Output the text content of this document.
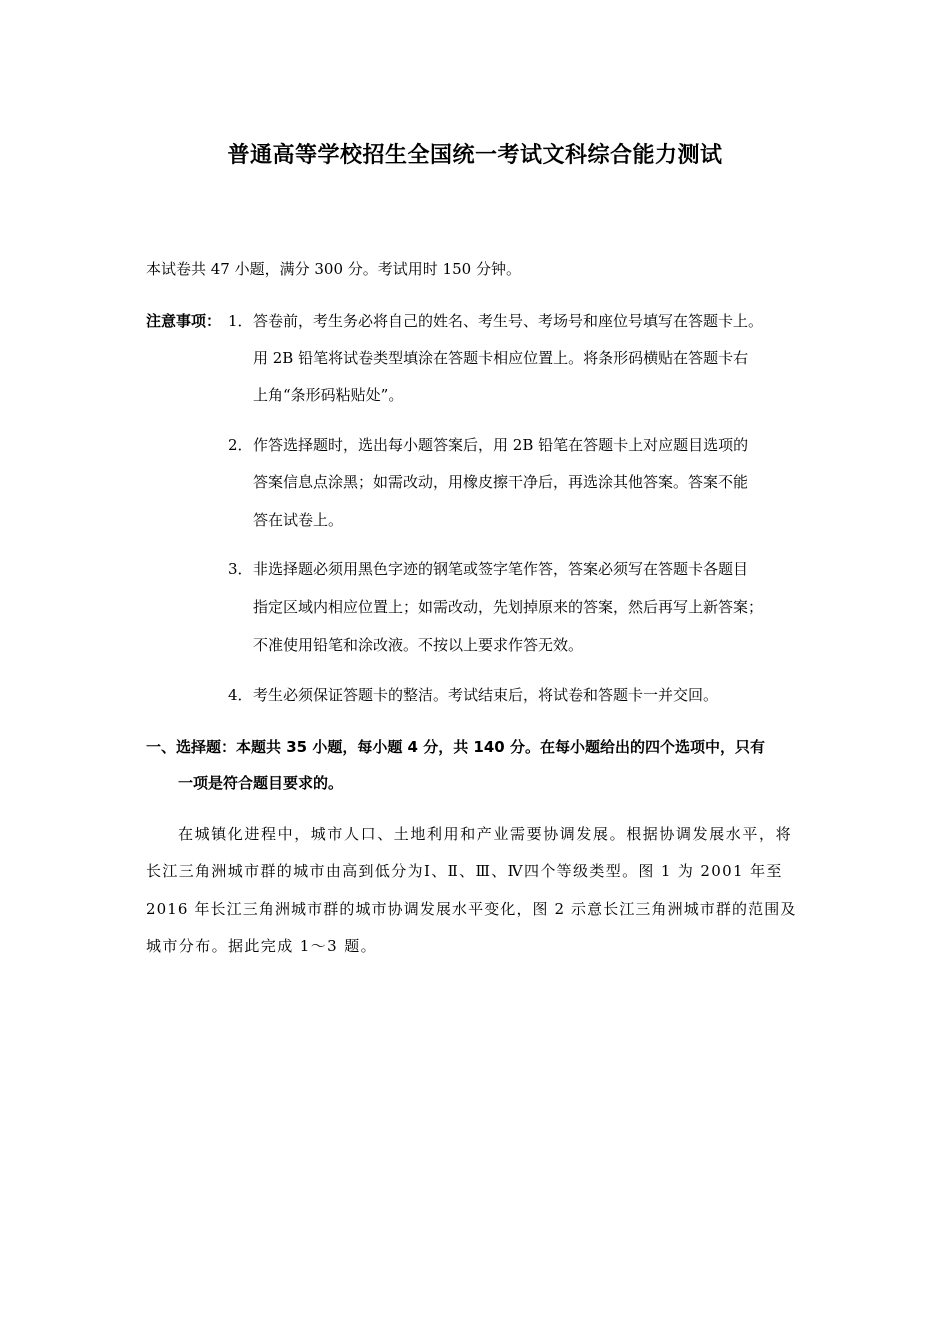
普通高等学校招生全国统一考试文科综合能力测试
本试卷共 47 小题，满分 300 分。考试用时 150 分钟。
注意事项： 1． 答卷前，考生务必将自己的姓名、考生号、考场号和座位号填写在答题卡上。
用 2B 铅笔将试卷类型填涂在答题卡相应位置上。将条形码横贴在答题卡右
上角“条形码粘贴处”。
2． 作答选择题时，选出每小题答案后，用 2B 铅笔在答题卡上对应题目选项的
答案信息点涂黑；如需改动，用橡皮擦干净后，再选涂其他答案。答案不能
答在试卷上。
3． 非选择题必须用黑色字迹的钢笔或签字笔作答，答案必须写在答题卡各题目
指定区域内相应位置上；如需改动，先划掉原来的答案，然后再写上新答案；
不准使用铅笔和涂改液。不按以上要求作答无效。
4． 考生必须保证答题卡的整洁。考试结束后，将试卷和答题卡一并交回。
一、选择题：本题共 35 小题，每小题 4 分，共 140 分。在每小题给出的四个选项中，只有
一项是符合题目要求的。
在城镇化进程中，城市人口、土地利用和产业需要协调发展。根据协调发展水平，将
长江三角洲城市群的城市由高到低分为Ⅰ、Ⅱ、Ⅲ、Ⅳ四个等级类型。图 1 为 2001 年至
2016 年长江三角洲城市群的城市协调发展水平变化，图 2 示意长江三角洲城市群的范围及
城市分布。据此完成 1～3 题。
